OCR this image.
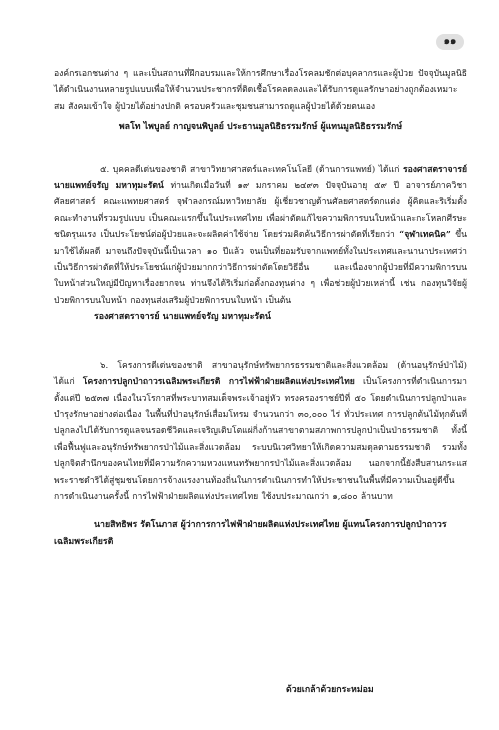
๑๑

องค์กรเอกชนต่าง ๆ และเป็นสถานที่ฝึกอบรมและให้การศึกษาเรื่องโรคลมชักต่อบุคลากรและผู้ป่วย ปัจจุบันมูลนิธิได้ดำเนินงานหลายรูปแบบเพื่อให้จำนวนประชากรที่ติดเชื้อโรคลดลงและได้รับการดูแลรักษาอย่างถูกต้องเหมาะสม สังคมเข้าใจ ผู้ป่วยได้อย่างปกติ ครอบครัวและชุมชนสามารถดูแลผู้ป่วยได้ด้วยตนเอง

พลโท ไพบูลย์ กาญจนพิบูลย์ ประธานมูลนิธิธรรมรักษ์ ผู้แทนมูลนิธิธรรมรักษ์

๕. บุคคลดีเด่นของชาติ สาขาวิทยาศาสตร์และเทคโนโลยี (ด้านการแพทย์) ได้แก่ รองศาสตราจารย์ นายแพทย์จรัญ มหาทุมะรัตน์ ท่านเกิดเมื่อวันที่ ๑๙ มกราคม ๒๔๙๓ ปัจจุบันอายุ ๕๙ ปี อาจารย์ภาควิชาศัลยศาสตร์ คณะแพทยศาสตร์ จุฬาลงกรณ์มหาวิทยาลัย ผู้เชี่ยวชาญด้านศัลยศาสตร์ตกแต่ง ผู้คิดและริเริ่มตั้งคณะทำงานที่รวมรูปแบบ เป็นคณะแรกขึ้นในประเทศไทย เพื่อผ่าตัดแก้ไขความพิการบนใบหน้าและกะโหลกศีรษะชนิดรุนแรง เป็นประโยชน์ต่อผู้ป่วยและจะผลิตค่าใช้จ่าย โดยร่วมคิดค้นวิธีการผ่าตัดที่เรียกว่า “จุฬาเทคนิค” ขึ้นมาใช้ได้ผลดี มาจนถึงปัจจุบันนี้เป็นเวลา ๑๐ ปีแล้ว จนเป็นที่ยอมรับจากแพทย์ทั้งในประเทศและนานาประเทศว่าเป็นวิธีการผ่าตัดที่ให้ประโยชน์แก่ผู้ป่วยมากกว่าวิธีการผ่าตัดโดยวิธีอื่น และเนื่องจากผู้ป่วยที่มีความพิการบนใบหน้าส่วนใหญ่มีปัญหาเรื่องยากจน ท่านจึงได้ริเริ่มก่อตั้งกองทุนต่าง ๆ เพื่อช่วยผู้ป่วยเหล่านี้ เช่น กองทุนวิจัยผู้ป่วยพิการบนใบหน้า กองทุนส่งเสริมผู้ป่วยพิการบนใบหน้า เป็นต้น

รองศาสตราจารย์ นายแพทย์จรัญ มหาทุมะรัตน์

๖. โครงการดีเด่นของชาติ สาขาอนุรักษ์ทรัพยากรธรรมชาติและสิ่งแวดล้อม (ด้านอนุรักษ์ป่าไม้) ได้แก่ โครงการปลูกป่าถาวรเฉลิมพระเกียรติ การไฟฟ้าฝ่ายผลิตแห่งประเทศไทย เป็นโครงการที่ดำเนินการมาตั้งแต่ปี ๒๕๓๗ เนื่องในวโรกาสที่พระบาทสมเด็จพระเจ้าอยู่หัว ทรงครองราชย์ปีที่ ๕๐ โดยดำเนินการปลูกป่าและบำรุงรักษาอย่างต่อเนื่อง ในพื้นที่ป่าอนุรักษ์เสื่อมโทรม จำนวนกว่า ๓๐,๐๐๐ ไร่ ทั่วประเทศ การปลูกต้นไม้ทุกต้นที่ปลูกลงไปได้รับการดูแลจนรอดชีวิตและเจริญเติบโตแผ่กิ่งก้านสาขาตามสภาพการปลูกป่าเป็นป่าธรรมชาติ ทั้งนี้เพื่อฟื้นฟูและอนุรักษ์ทรัพยากรป่าไม้และสิ่งแวดล้อม ระบบนิเวศวิทยาให้เกิดความสมดุลตามธรรมชาติ รวมทั้งปลูกจิตสำนึกของคนไทยที่มีความรักความหวงแหนทรัพยากรป่าไม้และสิ่งแวดล้อม นอกจากนี้ยังสืบสานกระแสพระราชดำริได้สู่ชุมชนโดยการจ้างแรงงานท้องถิ่นในการดำเนินการทำให้ประชาชนในพื้นที่มีความเป็นอยู่ดีขึ้น การดำเนินงานครั้งนี้ การไฟฟ้าฝ่ายผลิตแห่งประเทศไทย ใช้งบประมาณกว่า ๑,๘๐๐ ล้านบาท

นายสิทธิพร รัตโนภาส ผู้ว่าการการไฟฟ้าฝ่ายผลิตแห่งประเทศไทย ผู้แทนโครงการปลูกป่าถาวร
เฉลิมพระเกียรติ
ด้วยเกล้าด้วยกระหม่อม
